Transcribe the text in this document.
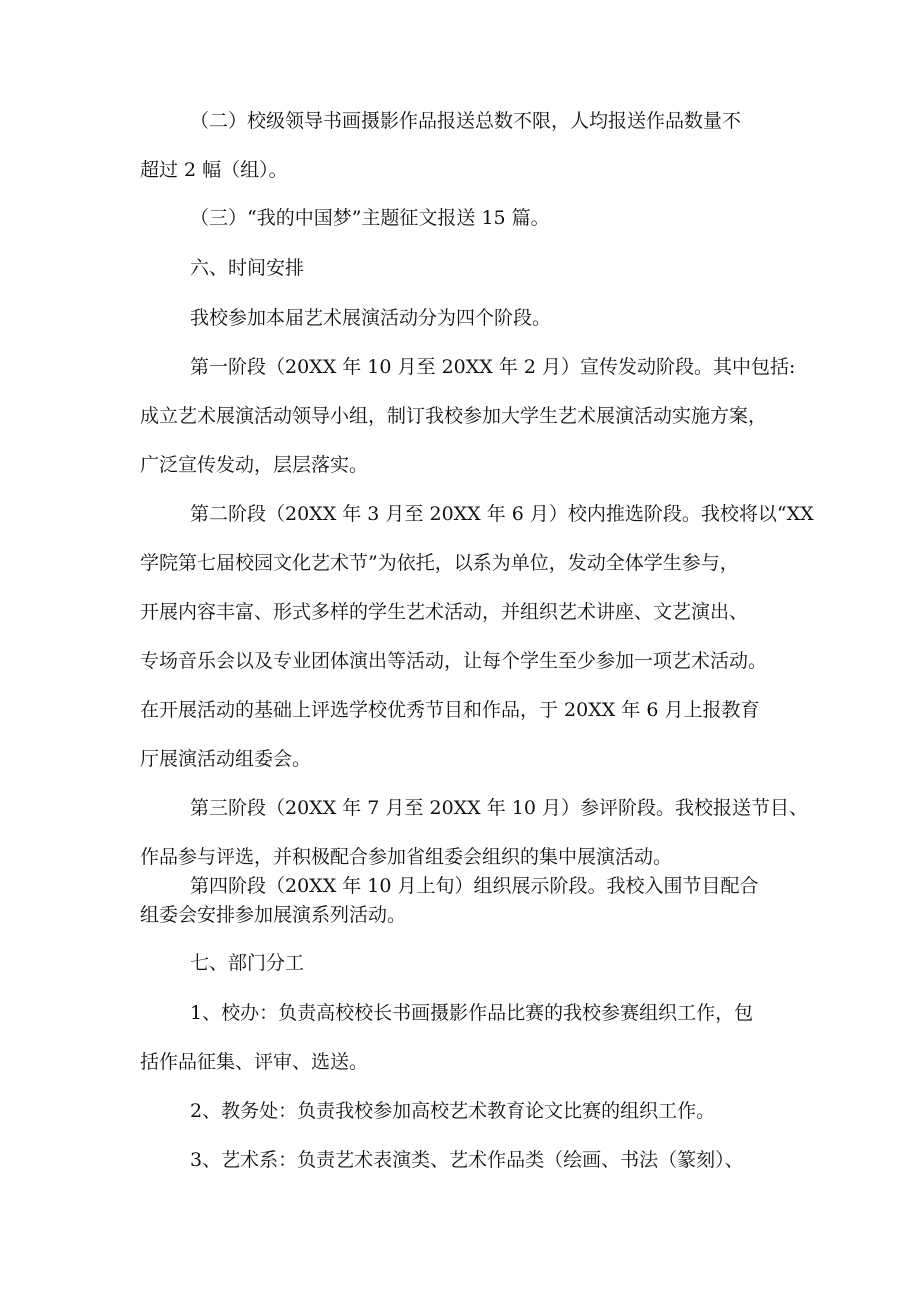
（二）校级领导书画摄影作品报送总数不限，人均报送作品数量不
超过 2 幅（组）。
（三）“我的中国梦”主题征文报送 15 篇。
六、时间安排
我校参加本届艺术展演活动分为四个阶段。
第一阶段（20XX 年 10 月至 20XX 年 2 月）宣传发动阶段。其中包括:
成立艺术展演活动领导小组，制订我校参加大学生艺术展演活动实施方案，
广泛宣传发动，层层落实。
第二阶段（20XX 年 3 月至 20XX 年 6 月）校内推选阶段。我校将以“XX
学院第七届校园文化艺术节”为依托，以系为单位，发动全体学生参与，
开展内容丰富、形式多样的学生艺术活动，并组织艺术讲座、文艺演出、
专场音乐会以及专业团体演出等活动，让每个学生至少参加一项艺术活动。
在开展活动的基础上评选学校优秀节目和作品，于 20XX 年 6 月上报教育
厅展演活动组委会。
第三阶段（20XX 年 7 月至 20XX 年 10 月）参评阶段。我校报送节目、
作品参与评选，并积极配合参加省组委会组织的集中展演活动。
第四阶段（20XX 年 10 月上旬）组织展示阶段。我校入围节目配合
组委会安排参加展演系列活动。
七、部门分工
1、校办：负责高校校长书画摄影作品比赛的我校参赛组织工作，包
括作品征集、评审、选送。
2、教务处：负责我校参加高校艺术教育论文比赛的组织工作。
3、艺术系：负责艺术表演类、艺术作品类（绘画、书法（篆刻）、
